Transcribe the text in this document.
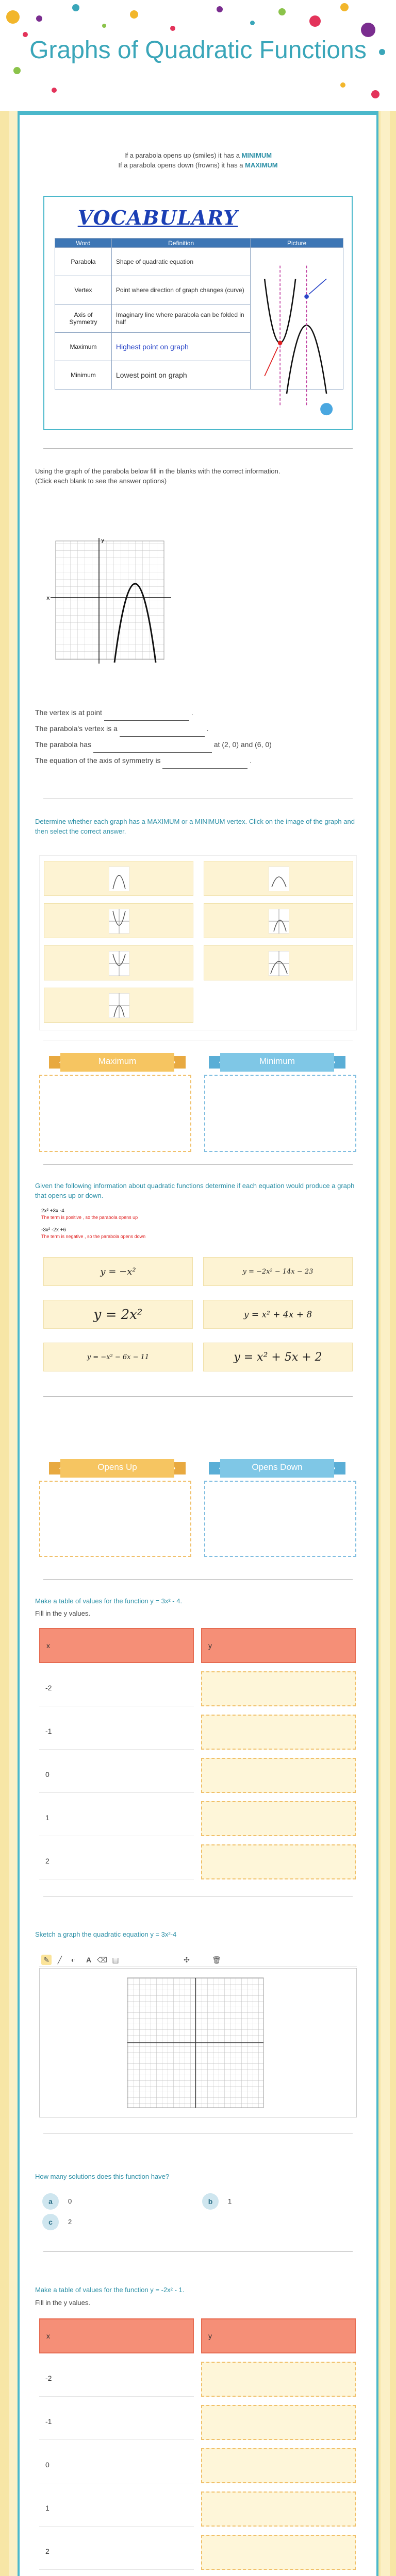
Graphs of Quadratic Functions
If a parabola opens up (smiles) it has a MINIMUM
If a parabola opens down (frowns) it has a MAXIMUM
VOCABULARY
Word	Definition	Picture
Parabola	Shape of quadratic equation	
Vertex	Point where direction of graph changes (curve)	
Axis of Symmetry	Imaginary line where parabola can be folded in half	
Maximum	Highest point on graph	
Minimum	Lowest point on graph	
Using the graph of the parabola below fill in the blanks with the correct information.
(Click each blank to see the answer options)
x
y
The vertex is at point	.
The parabola's vertex is a	.
The parabola has	at (2, 0) and (6, 0)
The equation of the axis of symmetry is	.
Determine whether each graph has a MAXIMUM or a MINIMUM vertex. Click on the image of the graph and then select the correct answer.
Maximum	Minimum
Given the following information about quadratic functions determine if each equation would produce a graph that opens up or down.
2x² +3x -4
The term is positive , so the parabola opens up
-3x² -2x +6
The term is negative , so the parabola opens down
y = −x²	y = −2x² − 14x − 23
y = 2x²	y = x² + 4x + 8
y = −x² − 6x − 11	y = x² + 5x + 2
Opens Up	Opens Down
Make a table of values for the function y = 3x² - 4.
Fill in the y values.
x	y
-2
-1
0
1
2
Sketch a graph the quadratic equation y = 3x²-4
✎	╱	◐	A ⌫ ▤	✣	🗑
How many solutions does this function have?
a	0	b	1
c	2
Make a table of values for the function y = -2x² - 1.
Fill in the y values.
x	y
-2
-1
0
1
2
